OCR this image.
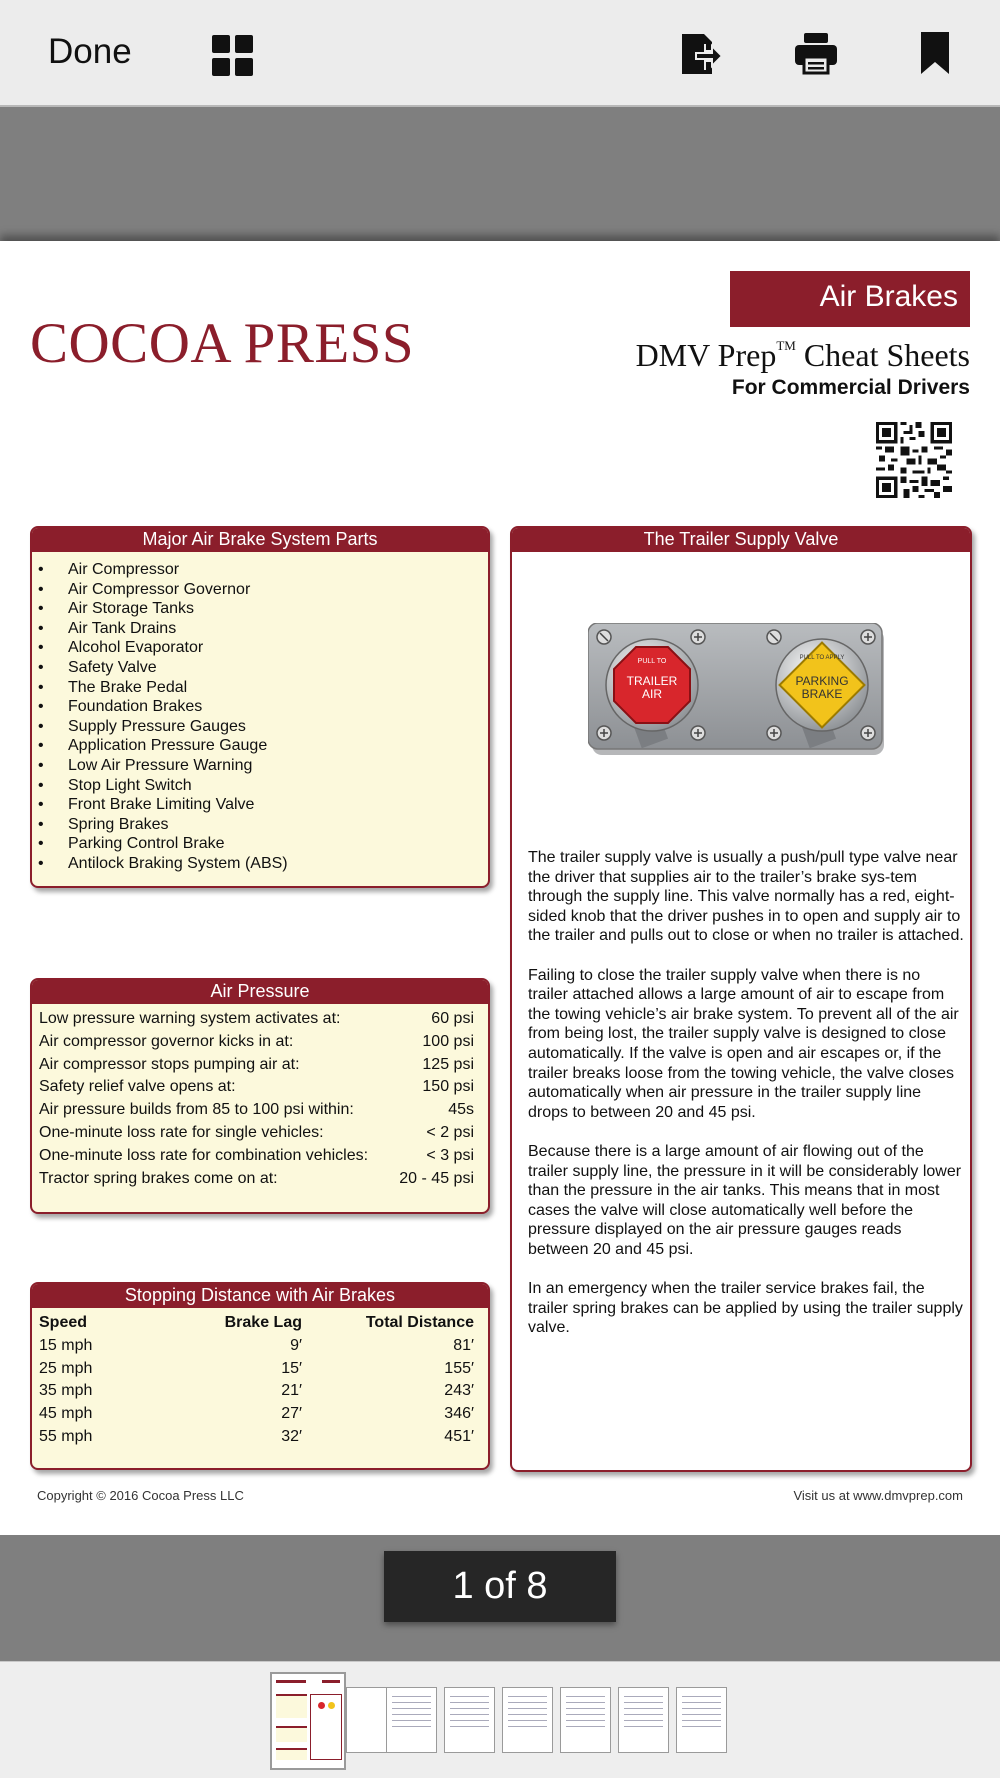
Done
COCOA PRESS
Air Brakes
DMV Prep™ Cheat Sheets
For Commercial Drivers
Major Air Brake System Parts
• Air Compressor
• Air Compressor Governor
• Air Storage Tanks
• Air Tank Drains
• Alcohol Evaporator
• Safety Valve
• The Brake Pedal
• Foundation Brakes
• Supply Pressure Gauges
• Application Pressure Gauge
• Low Air Pressure Warning
• Stop Light Switch
• Front Brake Limiting Valve
• Spring Brakes
• Parking Control Brake
• Antilock Braking System (ABS)
Air Pressure
Low pressure warning system activates at:	60 psi
Air compressor governor kicks in at:	100 psi
Air compressor stops pumping air at:	125 psi
Safety relief valve opens at:	150 psi
Air pressure builds from 85 to 100 psi within:	45s
One-minute loss rate for single vehicles:	< 2 psi
One-minute loss rate for combination vehicles:	< 3 psi
Tractor spring brakes come on at:	20 - 45 psi
Stopping Distance with Air Brakes
Speed	Brake Lag	Total Distance
15 mph	9′	81′
25 mph	15′	155′
35 mph	21′	243′
45 mph	27′	346′
55 mph	32′	451′
The Trailer Supply Valve
PULL TO
TRAILER
AIR
PULL TO APPLY
PARKING
BRAKE

The trailer supply valve is usually a push/pull type valve near the driver that supplies air to the trailer’s brake sys-tem through the supply line. This valve normally has a red, eight-sided knob that the driver pushes in to open and supply air to the trailer and pulls out to close or when no trailer is attached.

Failing to close the trailer supply valve when there is no trailer attached allows a large amount of air to escape from the towing vehicle’s air brake system. To prevent all of the air from being lost, the trailer supply valve is designed to close automatically. If the valve is open and air escapes or, if the trailer breaks loose from the towing vehicle, the valve closes automatically when air pressure in the trailer supply line drops to between 20 and 45 psi.

Because there is a large amount of air flowing out of the trailer supply line, the pressure in it will be considerably lower than the pressure in the air tanks. This means that in most cases the valve will close automatically well before the pressure displayed on the air pressure gauges reads between 20 and 45 psi.

In an emergency when the trailer service brakes fail, the trailer spring brakes can be applied by using the trailer supply valve.

Copyright © 2016 Cocoa Press LLC	Visit us at www.dmvprep.com
1 of 8
